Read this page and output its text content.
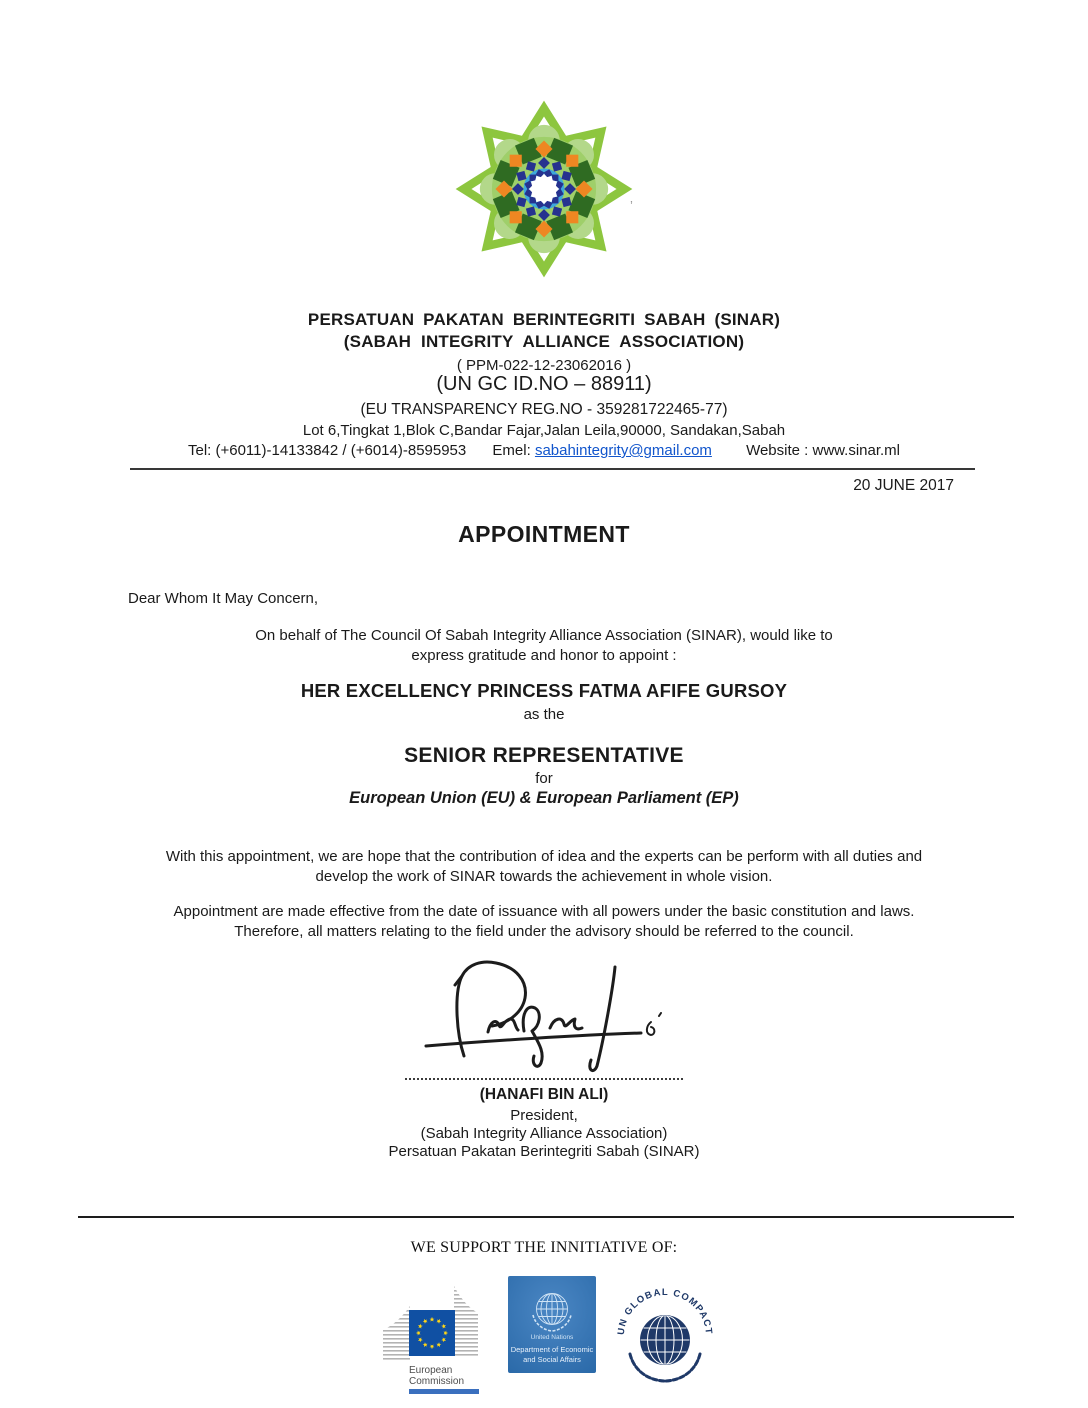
’
PERSATUAN PAKATAN BERINTEGRITI SABAH (SINAR)
(SABAH INTEGRITY ALLIANCE ASSOCIATION)
( PPM-022-12-23062016 )
(UN GC ID.NO – 88911)
(EU TRANSPARENCY REG.NO - 359281722465-77)
Lot 6,Tingkat 1,Blok C,Bandar Fajar,Jalan Leila,90000, Sandakan,Sabah
Tel: (+6011)-14133842 / (+6014)-8595953 Emel: sabahintegrity@gmail.com Website : www.sinar.ml
20 JUNE 2017
APPOINTMENT
Dear Whom It May Concern,
On behalf of The Council Of Sabah Integrity Alliance Association (SINAR), would like to
express gratitude and honor to appoint :
HER EXCELLENCY PRINCESS FATMA AFIFE GURSOY
as the
SENIOR REPRESENTATIVE
for
European Union (EU) & European Parliament (EP)
With this appointment, we are hope that the contribution of idea and the experts can be perform with all duties and
develop the work of SINAR towards the achievement in whole vision.
Appointment are made effective from the date of issuance with all powers under the basic constitution and laws.
Therefore, all matters relating to the field under the advisory should be referred to the council.
(HANAFI BIN ALI)
President,
(Sabah Integrity Alliance Association)
Persatuan Pakatan Berintegriti Sabah (SINAR)
WE SUPPORT THE INNITIATIVE OF:
European
Commission
United Nations
Department of Economic
and Social Affairs
UN GLOBAL COMPACT
